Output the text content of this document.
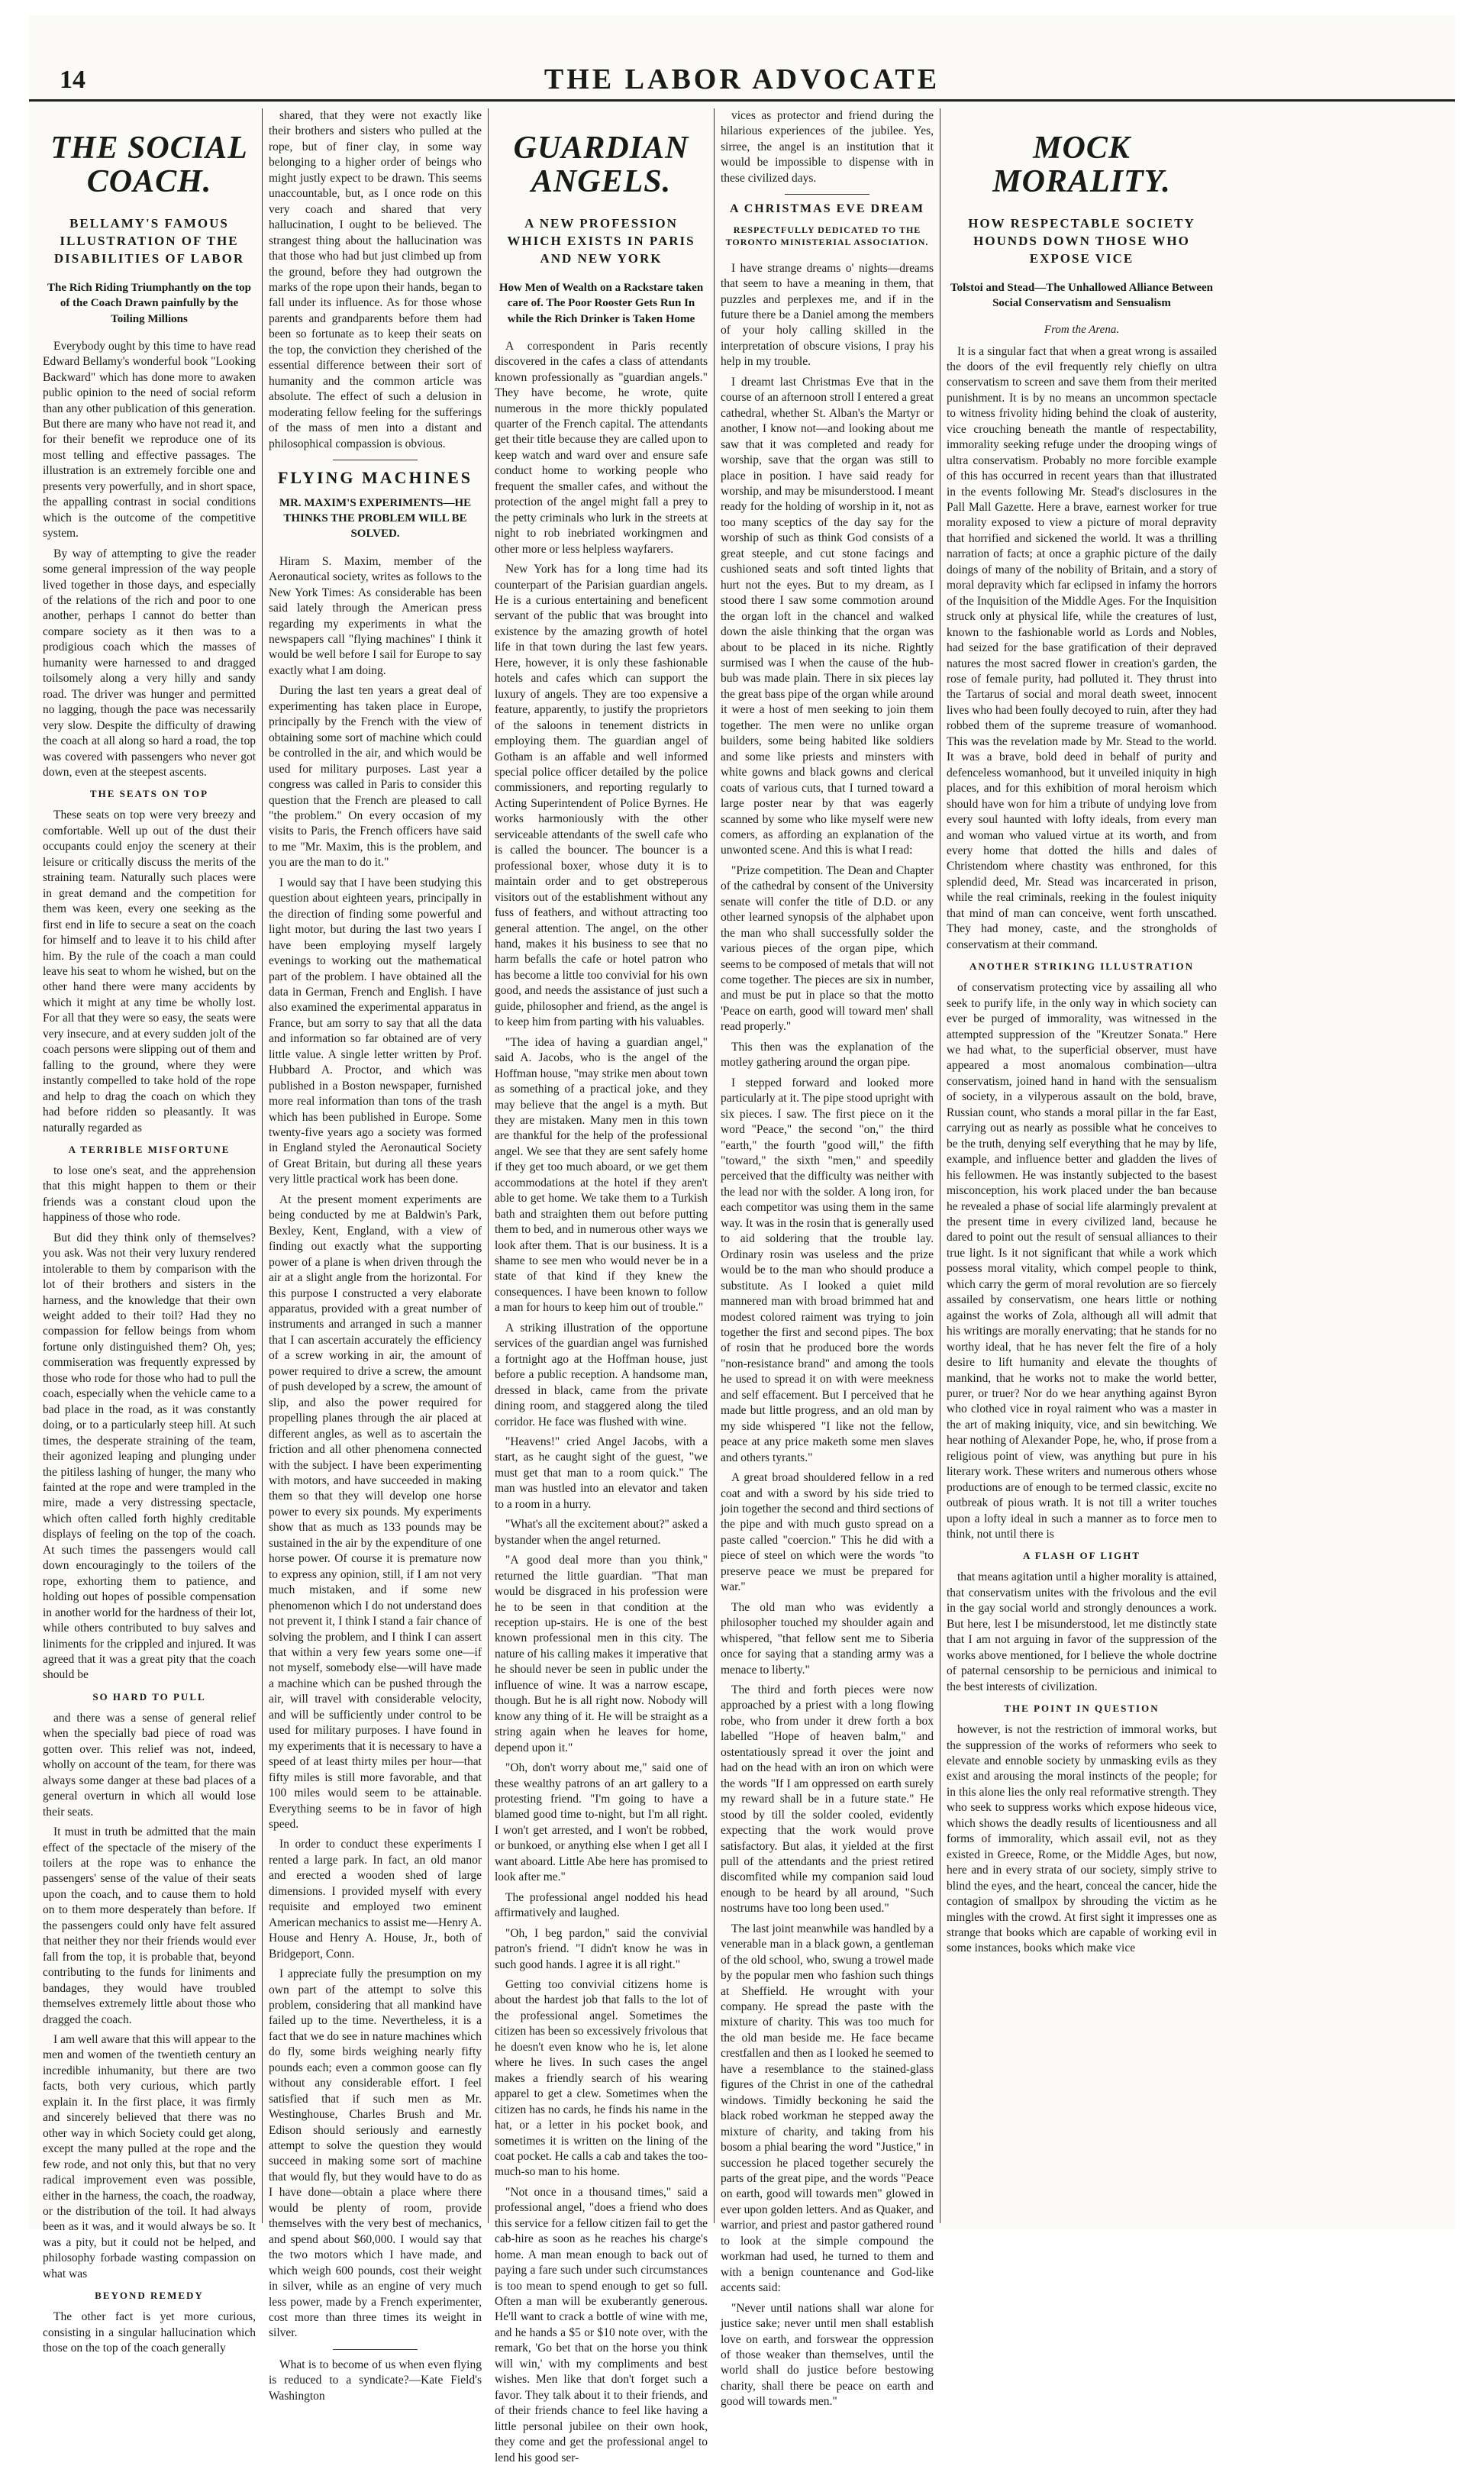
14	THE LABOR ADVOCATE
THE SOCIAL COACH.
BELLAMY'S FAMOUS ILLUSTRATION OF THE DISABILITIES OF LABOR
The Rich Riding Triumphantly on the top of the Coach Drawn painfully by the Toiling Millions

Everybody ought by this time to have read Edward Bellamy's wonderful book "Looking Backward" which has done more to awaken public opinion to the need of social reform than any other publication of this generation. But there are many who have not read it, and for their benefit we reproduce one of its most telling and effective passages. The illustration is an extremely forcible one and presents very powerfully, and in short space, the appalling contrast in social conditions which is the outcome of the competitive system.

By way of attempting to give the reader some general impression of the way people lived together in those days, and especially of the relations of the rich and poor to one another, perhaps I cannot do better than compare society as it then was to a prodigious coach which the masses of humanity were harnessed to and dragged toilsomely along a very hilly and sandy road. The driver was hunger and permitted no lagging, though the pace was necessarily very slow. Despite the difficulty of drawing the coach at all along so hard a road, the top was covered with passengers who never got down, even at the steepest ascents.

THE SEATS ON TOP

These seats on top were very breezy and comfortable. Well up out of the dust their occupants could enjoy the scenery at their leisure or critically discuss the merits of the straining team. Naturally such places were in great demand and the competition for them was keen, every one seeking as the first end in life to secure a seat on the coach for himself and to leave it to his child after him. By the rule of the coach a man could leave his seat to whom he wished, but on the other hand there were many accidents by which it might at any time be wholly lost. For all that they were so easy, the seats were very insecure, and at every sudden jolt of the coach persons were slipping out of them and falling to the ground, where they were instantly compelled to take hold of the rope and help to drag the coach on which they had before ridden so pleasantly. It was naturally regarded as

A TERRIBLE MISFORTUNE

to lose one's seat, and the apprehension that this might happen to them or their friends was a constant cloud upon the happiness of those who rode.

But did they think only of themselves? you ask. Was not their very luxury rendered intolerable to them by comparison with the lot of their brothers and sisters in the harness, and the knowledge that their own weight added to their toil? Had they no compassion for fellow beings from whom fortune only distinguished them? Oh, yes; commiseration was frequently expressed by those who rode for those who had to pull the coach, especially when the vehicle came to a bad place in the road, as it was constantly doing, or to a particularly steep hill. At such times, the desperate straining of the team, their agonized leaping and plunging under the pitiless lashing of hunger, the many who fainted at the rope and were trampled in the mire, made a very distressing spectacle, which often called forth highly creditable displays of feeling on the top of the coach. At such times the passengers would call down encouragingly to the toilers of the rope, exhorting them to patience, and holding out hopes of possible compensation in another world for the hardness of their lot, while others contributed to buy salves and liniments for the crippled and injured. It was agreed that it was a great pity that the coach should be

SO HARD TO PULL

and there was a sense of general relief when the specially bad piece of road was gotten over. This relief was not, indeed, wholly on account of the team, for there was always some danger at these bad places of a general overturn in which all would lose their seats.

It must in truth be admitted that the main effect of the spectacle of the misery of the toilers at the rope was to enhance the passengers' sense of the value of their seats upon the coach, and to cause them to hold on to them more desperately than before. If the passengers could only have felt assured that neither they nor their friends would ever fall from the top, it is probable that, beyond contributing to the funds for liniments and bandages, they would have troubled themselves extremely little about those who dragged the coach.

I am well aware that this will appear to the men and women of the twentieth century an incredible inhumanity, but there are two facts, both very curious, which partly explain it. In the first place, it was firmly and sincerely believed that there was no other way in which Society could get along, except the many pulled at the rope and the few rode, and not only this, but that no very radical improvement even was possible, either in the harness, the coach, the roadway, or the distribution of the toil. It had always been as it was, and it would always be so. It was a pity, but it could not be helped, and philosophy forbade wasting compassion on what was

BEYOND REMEDY

The other fact is yet more curious, consisting in a singular hallucination which those on the top of the coach generally

shared, that they were not exactly like their brothers and sisters who pulled at the rope, but of finer clay, in some way belonging to a higher order of beings who might justly expect to be drawn. This seems unaccountable, but, as I once rode on this very coach and shared that very hallucination, I ought to be believed. The strangest thing about the hallucination was that those who had but just climbed up from the ground, before they had outgrown the marks of the rope upon their hands, began to fall under its influence. As for those whose parents and grandparents before them had been so fortunate as to keep their seats on the top, the conviction they cherished of the essential difference between their sort of humanity and the common article was absolute. The effect of such a delusion in moderating fellow feeling for the sufferings of the mass of men into a distant and philosophical compassion is obvious.

FLYING MACHINES
MR. MAXIM'S EXPERIMENTS—HE THINKS THE PROBLEM WILL BE SOLVED.

Hiram S. Maxim, member of the Aeronautical society, writes as follows to the New York Times: As considerable has been said lately through the American press regarding my experiments in what the newspapers call "flying machines" I think it would be well before I sail for Europe to say exactly what I am doing.

During the last ten years a great deal of experimenting has taken place in Europe, principally by the French with the view of obtaining some sort of machine which could be controlled in the air, and which would be used for military purposes. Last year a congress was called in Paris to consider this question that the French are pleased to call "the problem." On every occasion of my visits to Paris, the French officers have said to me "Mr. Maxim, this is the problem, and you are the man to do it."

I would say that I have been studying this question about eighteen years, principally in the direction of finding some powerful and light motor, but during the last two years I have been employing myself largely evenings to working out the mathematical part of the problem. I have obtained all the data in German, French and English. I have also examined the experimental apparatus in France, but am sorry to say that all the data and information so far obtained are of very little value. A single letter written by Prof. Hubbard A. Proctor, and which was published in a Boston newspaper, furnished more real information than tons of the trash which has been published in Europe. Some twenty-five years ago a society was formed in England styled the Aeronautical Society of Great Britain, but during all these years very little practical work has been done.

At the present moment experiments are being conducted by me at Baldwin's Park, Bexley, Kent, England, with a view of finding out exactly what the supporting power of a plane is when driven through the air at a slight angle from the horizontal. For this purpose I constructed a very elaborate apparatus, provided with a great number of instruments and arranged in such a manner that I can ascertain accurately the efficiency of a screw working in air, the amount of power required to drive a screw, the amount of push developed by a screw, the amount of slip, and also the power required for propelling planes through the air placed at different angles, as well as to ascertain the friction and all other phenomena connected with the subject. I have been experimenting with motors, and have succeeded in making them so that they will develop one horse power to every six pounds. My experiments show that as much as 133 pounds may be sustained in the air by the expenditure of one horse power. Of course it is premature now to express any opinion, still, if I am not very much mistaken, and if some new phenomenon which I do not understand does not prevent it, I think I stand a fair chance of solving the problem, and I think I can assert that within a very few years some one—if not myself, somebody else—will have made a machine which can be pushed through the air, will travel with considerable velocity, and will be sufficiently under control to be used for military purposes. I have found in my experiments that it is necessary to have a speed of at least thirty miles per hour—that fifty miles is still more favorable, and that 100 miles would seem to be attainable. Everything seems to be in favor of high speed.

In order to conduct these experiments I rented a large park. In fact, an old manor and erected a wooden shed of large dimensions. I provided myself with every requisite and employed two eminent American mechanics to assist me—Henry A. House and Henry A. House, Jr., both of Bridgeport, Conn.

I appreciate fully the presumption on my own part of the attempt to solve this problem, considering that all mankind have failed up to the time. Nevertheless, it is a fact that we do see in nature machines which do fly, some birds weighing nearly fifty pounds each; even a common goose can fly without any considerable effort. I feel satisfied that if such men as Mr. Westinghouse, Charles Brush and Mr. Edison should seriously and earnestly attempt to solve the question they would succeed in making some sort of machine that would fly, but they would have to do as I have done—obtain a place where there would be plenty of room, provide themselves with the very best of mechanics, and spend about $60,000. I would say that the two motors which I have made, and which weigh 600 pounds, cost their weight in silver, while as an engine of very much less power, made by a French experimenter, cost more than three times its weight in silver.

What is to become of us when even flying is reduced to a syndicate?—Kate Field's Washington

GUARDIAN ANGELS.
A NEW PROFESSION WHICH EXISTS IN PARIS AND NEW YORK
How Men of Wealth on a Rackstare taken care of. The Poor Rooster Gets Run In while the Rich Drinker is Taken Home

A correspondent in Paris recently discovered in the cafes a class of attendants known professionally as "guardian angels." They have become, he wrote, quite numerous in the more thickly populated quarter of the French capital. The attendants get their title because they are called upon to keep watch and ward over and ensure safe conduct home to working people who frequent the smaller cafes, and without the protection of the angel might fall a prey to the petty criminals who lurk in the streets at night to rob inebriated workingmen and other more or less helpless wayfarers.

New York has for a long time had its counterpart of the Parisian guardian angels. He is a curious entertaining and beneficent servant of the public that was brought into existence by the amazing growth of hotel life in that town during the last few years. Here, however, it is only these fashionable hotels and cafes which can support the luxury of angels. They are too expensive a feature, apparently, to justify the proprietors of the saloons in tenement districts in employing them. The guardian angel of Gotham is an affable and well informed special police officer detailed by the police commissioners, and reporting regularly to Acting Superintendent of Police Byrnes. He works harmoniously with the other serviceable attendants of the swell cafe who is called the bouncer. The bouncer is a professional boxer, whose duty it is to maintain order and to get obstreperous visitors out of the establishment without any fuss of feathers, and without attracting too general attention. The angel, on the other hand, makes it his business to see that no harm befalls the cafe or hotel patron who has become a little too convivial for his own good, and needs the assistance of just such a guide, philosopher and friend, as the angel is to keep him from parting with his valuables.

"The idea of having a guardian angel," said A. Jacobs, who is the angel of the Hoffman house, "may strike men about town as something of a practical joke, and they may believe that the angel is a myth. But they are mistaken. Many men in this town are thankful for the help of the professional angel. We see that they are sent safely home if they get too much aboard, or we get them accommodations at the hotel if they aren't able to get home. We take them to a Turkish bath and straighten them out before putting them to bed, and in numerous other ways we look after them. That is our business. It is a shame to see men who would never be in a state of that kind if they knew the consequences. I have been known to follow a man for hours to keep him out of trouble."

A striking illustration of the opportune services of the guardian angel was furnished a fortnight ago at the Hoffman house, just before a public reception. A handsome man, dressed in black, came from the private dining room, and staggered along the tiled corridor. He face was flushed with wine.

"Heavens!" cried Angel Jacobs, with a start, as he caught sight of the guest, "we must get that man to a room quick." The man was hustled into an elevator and taken to a room in a hurry.

"What's all the excitement about?" asked a bystander when the angel returned.

"A good deal more than you think," returned the little guardian. "That man would be disgraced in his profession were he to be seen in that condition at the reception up-stairs. He is one of the best known professional men in this city. The nature of his calling makes it imperative that he should never be seen in public under the influence of wine. It was a narrow escape, though. But he is all right now. Nobody will know any thing of it. He will be straight as a string again when he leaves for home, depend upon it."

"Oh, don't worry about me," said one of these wealthy patrons of an art gallery to a protesting friend. "I'm going to have a blamed good time to-night, but I'm all right. I won't get arrested, and I won't be robbed, or bunkoed, or anything else when I get all I want aboard. Little Abe here has promised to look after me."

The professional angel nodded his head affirmatively and laughed.

"Oh, I beg pardon," said the convivial patron's friend. "I didn't know he was in such good hands. I agree it is all right."

Getting too convivial citizens home is about the hardest job that falls to the lot of the professional angel. Sometimes the citizen has been so excessively frivolous that he doesn't even know who he is, let alone where he lives. In such cases the angel makes a friendly search of his wearing apparel to get a clew. Sometimes when the citizen has no cards, he finds his name in the hat, or a letter in his pocket book, and sometimes it is written on the lining of the coat pocket. He calls a cab and takes the too-much-so man to his home.

"Not once in a thousand times," said a professional angel, "does a friend who does this service for a fellow citizen fail to get the cab-hire as soon as he reaches his charge's home. A man mean enough to back out of paying a fare such under such circumstances is too mean to spend enough to get so full. Often a man will be exuberantly generous. He'll want to crack a bottle of wine with me, and he hands a $5 or $10 note over, with the remark, 'Go bet that on the horse you think will win,' with my compliments and best wishes. Men like that don't forget such a favor. They talk about it to their friends, and of their friends chance to feel like having a little personal jubilee on their own hook, they come and get the professional angel to lend his good ser-

vices as protector and friend during the hilarious experiences of the jubilee. Yes, sirree, the angel is an institution that it would be impossible to dispense with in these civilized days.

A CHRISTMAS EVE DREAM
RESPECTFULLY DEDICATED TO THE TORONTO MINISTERIAL ASSOCIATION.

I have strange dreams o' nights—dreams that seem to have a meaning in them, that puzzles and perplexes me, and if in the future there be a Daniel among the members of your holy calling skilled in the interpretation of obscure visions, I pray his help in my trouble.

I dreamt last Christmas Eve that in the course of an afternoon stroll I entered a great cathedral, whether St. Alban's the Martyr or another, I know not—and looking about me saw that it was completed and ready for worship, save that the organ was still to place in position. I have said ready for worship, and may be misunderstood. I meant ready for the holding of worship in it, not as too many sceptics of the day say for the worship of such as think God consists of a great steeple, and cut stone facings and cushioned seats and soft tinted lights that hurt not the eyes. But to my dream, as I stood there I saw some commotion around the organ loft in the chancel and walked down the aisle thinking that the organ was about to be placed in its niche. Rightly surmised was I when the cause of the hub-bub was made plain. There in six pieces lay the great bass pipe of the organ while around it were a host of men seeking to join them together. The men were no unlike organ builders, some being habited like soldiers and some like priests and minsters with white gowns and black gowns and clerical coats of various cuts, that I turned toward a large poster near by that was eagerly scanned by some who like myself were new comers, as affording an explanation of the unwonted scene. And this is what I read:

"Prize competition. The Dean and Chapter of the cathedral by consent of the University senate will confer the title of D.D. or any other learned synopsis of the alphabet upon the man who shall successfully solder the various pieces of the organ pipe, which seems to be composed of metals that will not come together. The pieces are six in number, and must be put in place so that the motto 'Peace on earth, good will toward men' shall read properly."

This then was the explanation of the motley gathering around the organ pipe.

I stepped forward and looked more particularly at it. The pipe stood upright with six pieces. I saw. The first piece on it the word "Peace," the second "on," the third "earth," the fourth "good will," the fifth "toward," the sixth "men," and speedily perceived that the difficulty was neither with the lead nor with the solder. A long iron, for each competitor was using them in the same way. It was in the rosin that is generally used to aid soldering that the trouble lay. Ordinary rosin was useless and the prize would be to the man who should produce a substitute. As I looked a quiet mild mannered man with broad brimmed hat and modest colored raiment was trying to join together the first and second pipes. The box of rosin that he produced bore the words "non-resistance brand" and among the tools he used to spread it on with were meekness and self effacement. But I perceived that he made but little progress, and an old man by my side whispered "I like not the fellow, peace at any price maketh some men slaves and others tyrants."

A great broad shouldered fellow in a red coat and with a sword by his side tried to join together the second and third sections of the pipe and with much gusto spread on a paste called "coercion." This he did with a piece of steel on which were the words "to preserve peace we must be prepared for war."

The old man who was evidently a philosopher touched my shoulder again and whispered, "that fellow sent me to Siberia once for saying that a standing army was a menace to liberty."

The third and forth pieces were now approached by a priest with a long flowing robe, who from under it drew forth a box labelled "Hope of heaven balm," and ostentatiously spread it over the joint and had on the head with an iron on which were the words "If I am oppressed on earth surely my reward shall be in a future state." He stood by till the solder cooled, evidently expecting that the work would prove satisfactory. But alas, it yielded at the first pull of the attendants and the priest retired discomfited while my companion said loud enough to be heard by all around, "Such nostrums have too long been used."

The last joint meanwhile was handled by a venerable man in a black gown, a gentleman of the old school, who, swung a trowel made by the popular men who fashion such things at Sheffield. He wrought with your company. He spread the paste with the mixture of charity. This was too much for the old man beside me. He face became crestfallen and then as I looked he seemed to have a resemblance to the stained-glass figures of the Christ in one of the cathedral windows. Timidly beckoning he said the black robed workman he stepped away the mixture of charity, and taking from his bosom a phial bearing the word "Justice," in succession he placed together securely the parts of the great pipe, and the words "Peace on earth, good will towards men" glowed in ever upon golden letters. And as Quaker, and warrior, and priest and pastor gathered round to look at the simple compound the workman had used, he turned to them and with a benign countenance and God-like accents said:

"Never until nations shall war alone for justice sake; never until men shall establish love on earth, and forswear the oppression of those weaker than themselves, until the world shall do justice before bestowing charity, shall there be peace on earth and good will towards men."

MOCK MORALITY.
HOW RESPECTABLE SOCIETY HOUNDS DOWN THOSE WHO EXPOSE VICE
Tolstoi and Stead—The Unhallowed Alliance Between Social Conservatism and Sensualism
From the Arena.

It is a singular fact that when a great wrong is assailed the doors of the evil frequently rely chiefly on ultra conservatism to screen and save them from their merited punishment. It is by no means an uncommon spectacle to witness frivolity hiding behind the cloak of austerity, vice crouching beneath the mantle of respectability, immorality seeking refuge under the drooping wings of ultra conservatism. Probably no more forcible example of this has occurred in recent years than that illustrated in the events following Mr. Stead's disclosures in the Pall Mall Gazette. Here a brave, earnest worker for true morality exposed to view a picture of moral depravity that horrified and sickened the world. It was a thrilling narration of facts; at once a graphic picture of the daily doings of many of the nobility of Britain, and a story of moral depravity which far eclipsed in infamy the horrors of the Inquisition of the Middle Ages. For the Inquisition struck only at physical life, while the creatures of lust, known to the fashionable world as Lords and Nobles, had seized for the base gratification of their depraved natures the most sacred flower in creation's garden, the rose of female purity, had polluted it. They thrust into the Tartarus of social and moral death sweet, innocent lives who had been foully decoyed to ruin, after they had robbed them of the supreme treasure of womanhood. This was the revelation made by Mr. Stead to the world. It was a brave, bold deed in behalf of purity and defenceless womanhood, but it unveiled iniquity in high places, and for this exhibition of moral heroism which should have won for him a tribute of undying love from every soul haunted with lofty ideals, from every man and woman who valued virtue at its worth, and from every home that dotted the hills and dales of Christendom where chastity was enthroned, for this splendid deed, Mr. Stead was incarcerated in prison, while the real criminals, reeking in the foulest iniquity that mind of man can conceive, went forth unscathed. They had money, caste, and the strongholds of conservatism at their command.

ANOTHER STRIKING ILLUSTRATION

of conservatism protecting vice by assailing all who seek to purify life, in the only way in which society can ever be purged of immorality, was witnessed in the attempted suppression of the "Kreutzer Sonata." Here we had what, to the superficial observer, must have appeared a most anomalous combination—ultra conservatism, joined hand in hand with the sensualism of society, in a vilyperous assault on the bold, brave, Russian count, who stands a moral pillar in the far East, carrying out as nearly as possible what he conceives to be the truth, denying self everything that he may by life, example, and influence better and gladden the lives of his fellowmen. He was instantly subjected to the basest misconception, his work placed under the ban because he revealed a phase of social life alarmingly prevalent at the present time in every civilized land, because he dared to point out the result of sensual alliances to their true light. Is it not significant that while a work which possess moral vitality, which compel people to think, which carry the germ of moral revolution are so fiercely assailed by conservatism, one hears little or nothing against the works of Zola, although all will admit that his writings are morally enervating; that he stands for no worthy ideal, that he has never felt the fire of a holy desire to lift humanity and elevate the thoughts of mankind, that he works not to make the world better, purer, or truer? Nor do we hear anything against Byron who clothed vice in royal raiment who was a master in the art of making iniquity, vice, and sin bewitching. We hear nothing of Alexander Pope, he, who, if prose from a religious point of view, was anything but pure in his literary work. These writers and numerous others whose productions are of enough to be termed classic, excite no outbreak of pious wrath. It is not till a writer touches upon a lofty ideal in such a manner as to force men to think, not until there is

A FLASH OF LIGHT

that means agitation until a higher morality is attained, that conservatism unites with the frivolous and the evil in the gay social world and strongly denounces a work. But here, lest I be misunderstood, let me distinctly state that I am not arguing in favor of the suppression of the works above mentioned, for I believe the whole doctrine of paternal censorship to be pernicious and inimical to the best interests of civilization.

THE POINT IN QUESTION

however, is not the restriction of immoral works, but the suppression of the works of reformers who seek to elevate and ennoble society by unmasking evils as they exist and arousing the moral instincts of the people; for in this alone lies the only real reformative strength. They who seek to suppress works which expose hideous vice, which shows the deadly results of licentiousness and all forms of immorality, which assail evil, not as they existed in Greece, Rome, or the Middle Ages, but now, here and in every strata of our society, simply strive to blind the eyes, and the heart, conceal the cancer, hide the contagion of smallpox by shrouding the victim as he mingles with the crowd. At first sight it impresses one as strange that books which are capable of working evil in some instances, books which make vice
